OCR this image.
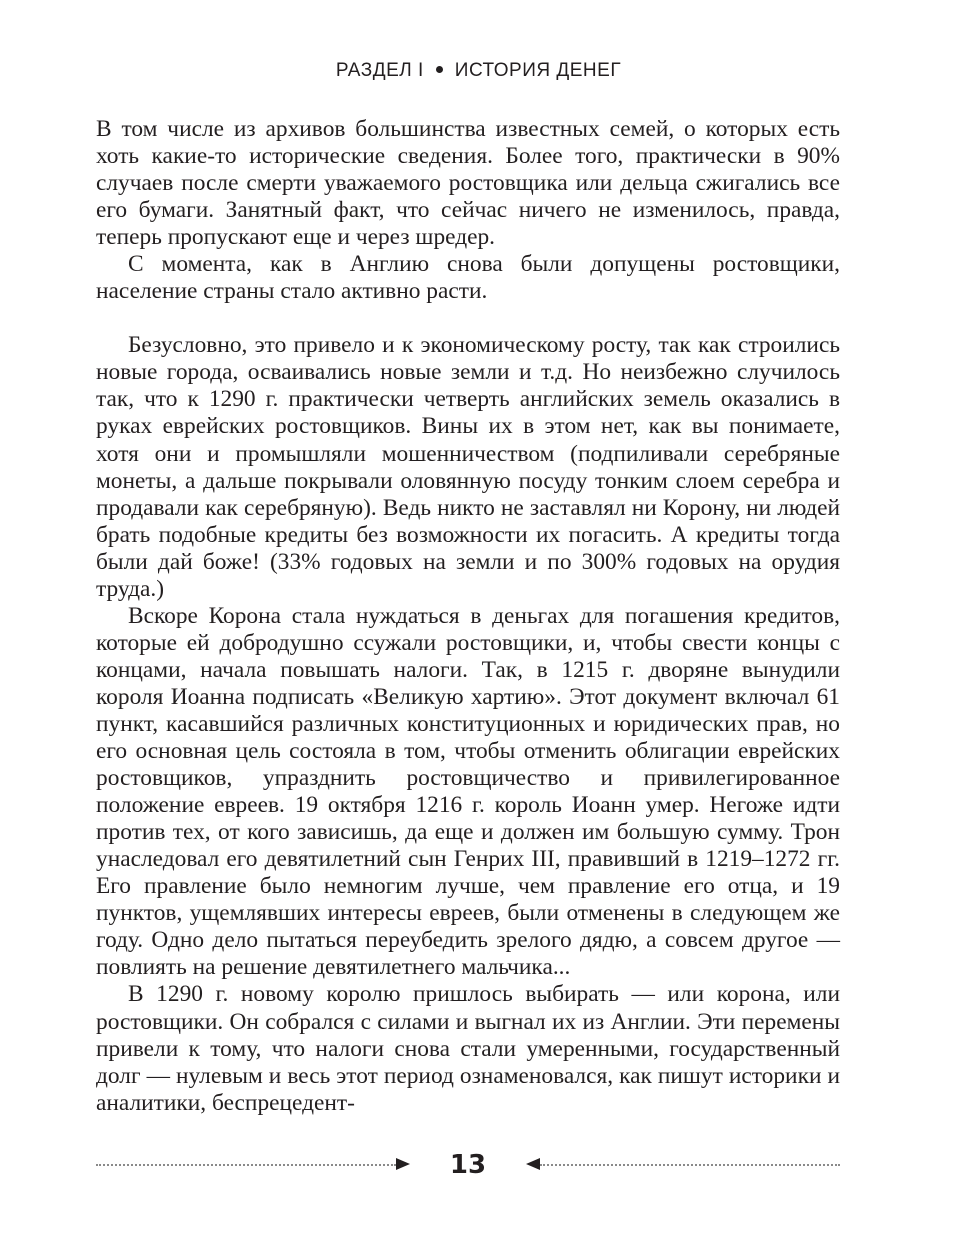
РАЗДЕЛ I ИСТОРИЯ ДЕНЕГ

В том числе из архивов большинства известных семей, о которых есть хоть какие-то исторические сведения. Более того, практически в 90% случаев после смерти уважаемого ростовщика или дельца сжигались все его бумаги. Занятный факт, что сейчас ничего не изменилось, правда, теперь пропускают еще и через шредер.

С момента, как в Англию снова были допущены ростовщики, население страны стало активно расти.

Безусловно, это привело и к экономическому росту, так как строились новые города, осваивались новые земли и т.д. Но неизбежно случилось так, что к 1290 г. практически четверть английских земель оказались в руках еврейских ростовщиков. Вины их в этом нет, как вы понимаете, хотя они и промышляли мошенничеством (подпиливали серебряные монеты, а дальше покрывали оловянную посуду тонким слоем серебра и продавали как серебряную). Ведь никто не заставлял ни Корону, ни людей брать подобные кредиты без возможности их погасить. А кредиты тогда были дай боже! (33% годовых на земли и по 300% годовых на орудия труда.)

Вскоре Корона стала нуждаться в деньгах для погашения кредитов, которые ей добродушно ссужали ростовщики, и, чтобы свести концы с концами, начала повышать налоги. Так, в 1215 г. дворяне вынудили короля Иоанна подписать «Великую хартию». Этот документ включал 61 пункт, касавшийся различных конституционных и юридических прав, но его основная цель состояла в том, чтобы отменить облигации еврейских ростовщиков, упразднить ростовщичество и привилегированное положение евреев. 19 октября 1216 г. король Иоанн умер. Негоже идти против тех, от кого зависишь, да еще и должен им большую сумму. Трон унаследовал его девятилетний сын Генрих III, правивший в 1219–1272 гг. Его правление было немногим лучше, чем правление его отца, и 19 пунктов, ущемлявших интересы евреев, были отменены в следующем же году. Одно дело пытаться переубедить зрелого дядю, а совсем другое — повлиять на решение девятилетнего мальчика...

В 1290 г. новому королю пришлось выбирать — или корона, или ростовщики. Он собрался с силами и выгнал их из Англии. Эти перемены привели к тому, что налоги снова стали умеренными, государственный долг — нулевым и весь этот период ознаменовался, как пишут историки и аналитики, беспрецедент-

13
